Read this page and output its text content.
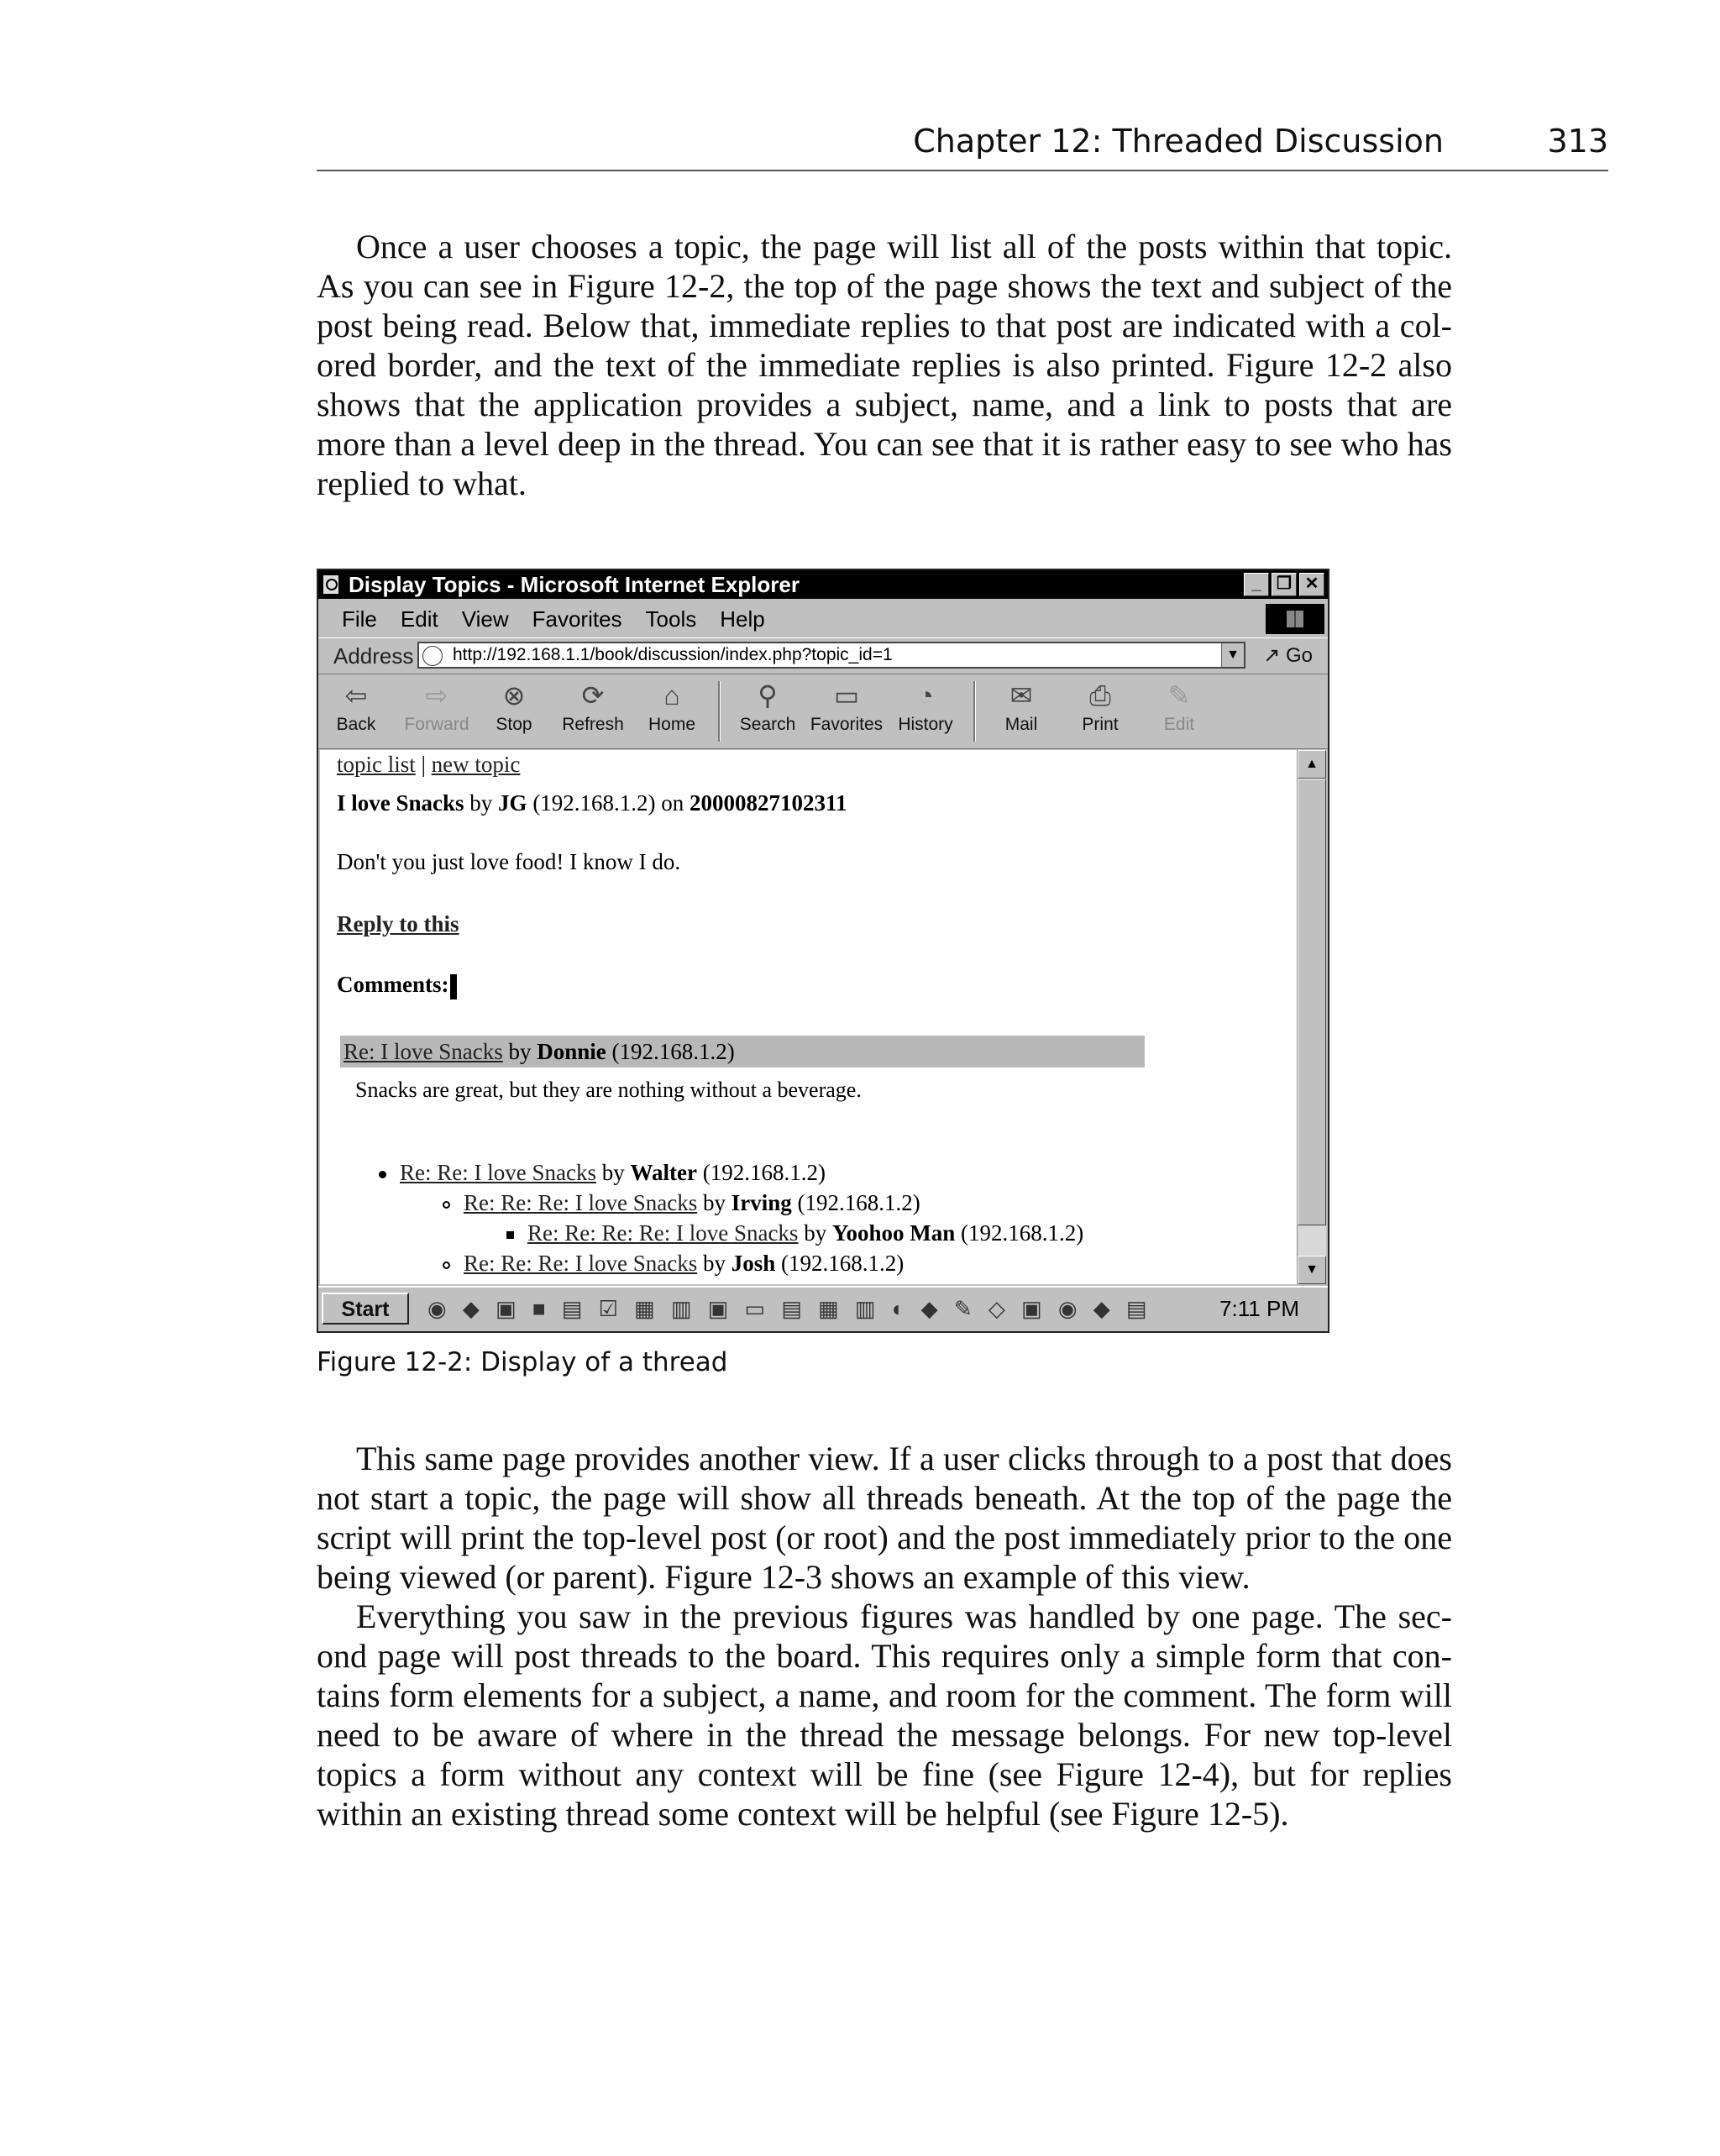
Chapter 12: Threaded Discussion	313

Once a user chooses a topic, the page will list all of the posts within that topic. As you can see in Figure 12-2, the top of the page shows the text and subject of the post being read. Below that, immediate replies to that post are indicated with a col-ored border, and the text of the immediate replies is also printed. Figure 12-2 also shows that the application provides a subject, name, and a link to posts that are more than a level deep in the thread. You can see that it is rather easy to see who has replied to what.

Display Topics - Microsoft Internet Explorer	_ ❐ ✕
File Edit View Favorites Tools Help
Address	http://192.168.1.1/book/discussion/index.php?topic_id=1	▼ ↗ Go
⇦
Back
⇨
Forward
⊗
Stop
⟳
Refresh
⌂
Home
⚲
Search
▭
Favorites
◔
History
✉
Mail
⎙
Print
✎
Edit
topic list | new topic
I love Snacks by JG (192.168.1.2) on 20000827102311
Don't you just love food! I know I do.
Reply to this
Comments:
Re: I love Snacks by Donnie (192.168.1.2)
Snacks are great, but they are nothing without a beverage.
Re: Re: I love Snacks by Walter (192.168.1.2)
Re: Re: Re: I love Snacks by Irving (192.168.1.2)
Re: Re: Re: Re: I love Snacks by Yoohoo Man (192.168.1.2)
Re: Re: Re: I love Snacks by Josh (192.168.1.2)
▲
▼
Start	◉ ◆ ▣ ■ ▤ ☑ ▦ ▥ ▣ ▭ ▤ ▦ ▥ ◐ ◆ ✎ ◇ ▣ ◉ ◆ ▤	7:11 PM
Figure 12-2: Display of a thread

This same page provides another view. If a user clicks through to a post that does not start a topic, the page will show all threads beneath. At the top of the page the script will print the top-level post (or root) and the post immediately prior to the one being viewed (or parent). Figure 12-3 shows an example of this view.

Everything you saw in the previous figures was handled by one page. The sec-ond page will post threads to the board. This requires only a simple form that con-tains form elements for a subject, a name, and room for the comment. The form will need to be aware of where in the thread the message belongs. For new top-level topics a form without any context will be fine (see Figure 12-4), but for replies within an existing thread some context will be helpful (see Figure 12-5).
